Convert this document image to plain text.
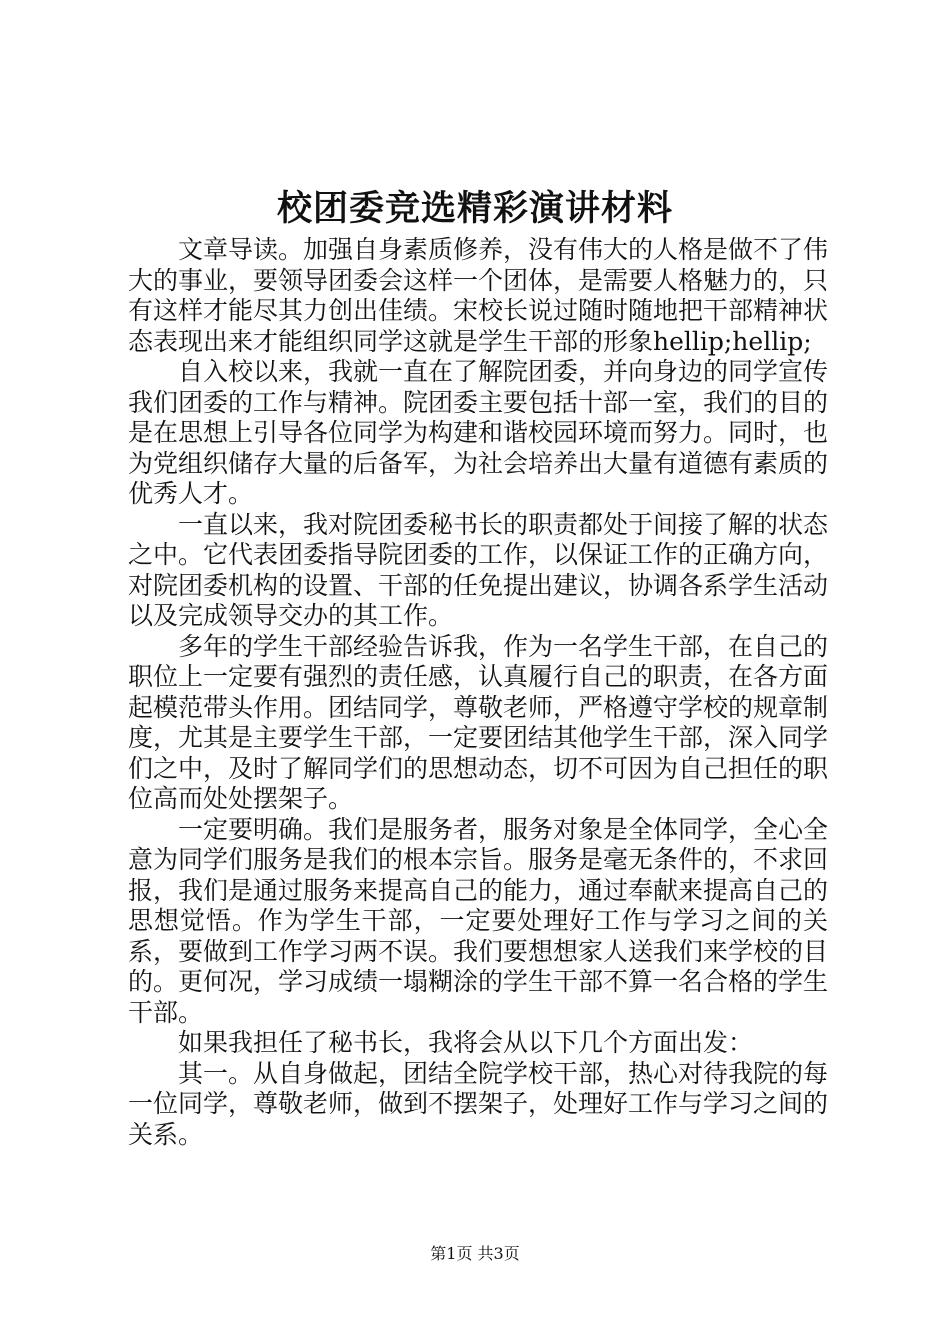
校团委竞选精彩演讲材料

文章导读。加强自身素质修养，没有伟大的人格是做不了伟大的事业，要领导团委会这样一个团体，是需要人格魅力的，只有这样才能尽其力创出佳绩。宋校长说过随时随地把干部精神状态表现出来才能组织同学这就是学生干部的形象hellip;hellip;

自入校以来，我就一直在了解院团委，并向身边的同学宣传我们团委的工作与精神。院团委主要包括十部一室，我们的目的是在思想上引导各位同学为构建和谐校园环境而努力。同时，也为党组织储存大量的后备军，为社会培养出大量有道德有素质的优秀人才。

一直以来，我对院团委秘书长的职责都处于间接了解的状态之中。它代表团委指导院团委的工作，以保证工作的正确方向，对院团委机构的设置、干部的任免提出建议，协调各系学生活动以及完成领导交办的其工作。

多年的学生干部经验告诉我，作为一名学生干部，在自己的职位上一定要有强烈的责任感，认真履行自己的职责，在各方面起模范带头作用。团结同学，尊敬老师，严格遵守学校的规章制度，尤其是主要学生干部，一定要团结其他学生干部，深入同学们之中，及时了解同学们的思想动态，切不可因为自己担任的职位高而处处摆架子。

一定要明确。我们是服务者，服务对象是全体同学，全心全意为同学们服务是我们的根本宗旨。服务是毫无条件的，不求回报，我们是通过服务来提高自己的能力，通过奉献来提高自己的思想觉悟。作为学生干部，一定要处理好工作与学习之间的关系，要做到工作学习两不误。我们要想想家人送我们来学校的目的。更何况，学习成绩一塌糊涂的学生干部不算一名合格的学生干部。

如果我担任了秘书长，我将会从以下几个方面出发：

其一。从自身做起，团结全院学校干部，热心对待我院的每一位同学，尊敬老师，做到不摆架子，处理好工作与学习之间的关系。

第1页 共3页
